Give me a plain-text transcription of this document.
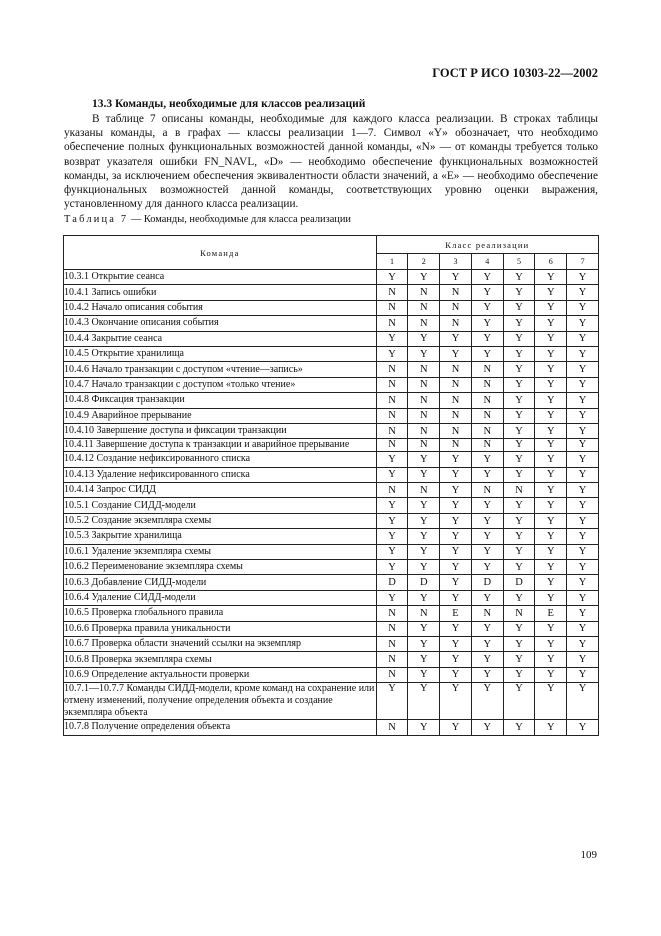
ГОСТ Р ИСО 10303-22—2002
13.3 Команды, необходимые для классов реализаций
В таблице 7 описаны команды, необходимые для каждого класса реализации. В строках таблицы указаны команды, а в графах — классы реализации 1—7. Символ «Y» обозначает, что необходимо обеспечение полных функциональных возможностей данной команды, «N» — от команды требуется только возврат указателя ошибки FN_NAVL, «D» — необходимо обеспечение функциональных возможностей команды, за исключением обеспечения эквивалентности области значений, а «E» — необходимо обеспечение функциональных возможностей данной команды, соответствующих уровню оценки выражения, установленному для данного класса реализации.
Таблица 7 — Команды, необходимые для класса реализации
Команда	Класс реализации						
	1	2	3	4	5	6	7
10.3.1 Открытие сеанса	Y	Y	Y	Y	Y	Y	Y
10.4.1 Запись ошибки	N	N	N	Y	Y	Y	Y
10.4.2 Начало описания события	N	N	N	Y	Y	Y	Y
10.4.3 Окончание описания события	N	N	N	Y	Y	Y	Y
10.4.4 Закрытие сеанса	Y	Y	Y	Y	Y	Y	Y
10.4.5 Открытие хранилища	Y	Y	Y	Y	Y	Y	Y
10.4.6 Начало транзакции с доступом «чтение—запись»	N	N	N	N	Y	Y	Y
10.4.7 Начало транзакции с доступом «только чтение»	N	N	N	N	Y	Y	Y
10.4.8 Фиксация транзакции	N	N	N	N	Y	Y	Y
10.4.9 Аварийное прерывание	N	N	N	N	Y	Y	Y
10.4.10 Завершение доступа и фиксации транзакции	N	N	N	N	Y	Y	Y
10.4.11 Завершение доступа к транзакции и аварийное прерывание	N	N	N	N	Y	Y	Y
10.4.12 Создание нефиксированного списка	Y	Y	Y	Y	Y	Y	Y
10.4.13 Удаление нефиксированного списка	Y	Y	Y	Y	Y	Y	Y
10.4.14 Запрос СИДД	N	N	Y	N	N	Y	Y
10.5.1 Создание СИДД-модели	Y	Y	Y	Y	Y	Y	Y
10.5.2 Создание экземпляра схемы	Y	Y	Y	Y	Y	Y	Y
10.5.3 Закрытие хранилища	Y	Y	Y	Y	Y	Y	Y
10.6.1 Удаление экземпляра схемы	Y	Y	Y	Y	Y	Y	Y
10.6.2 Переименование экземпляра схемы	Y	Y	Y	Y	Y	Y	Y
10.6.3 Добавление СИДД-модели	D	D	Y	D	D	Y	Y
10.6.4 Удаление СИДД-модели	Y	Y	Y	Y	Y	Y	Y
10.6.5 Проверка глобального правила	N	N	E	N	N	E	Y
10.6.6 Проверка правила уникальности	N	Y	Y	Y	Y	Y	Y
10.6.7 Проверка области значений ссылки на экземпляр	N	Y	Y	Y	Y	Y	Y
10.6.8 Проверка экземпляра схемы	N	Y	Y	Y	Y	Y	Y
10.6.9 Определение актуальности проверки	N	Y	Y	Y	Y	Y	Y
10.7.1—10.7.7 Команды СИДД-модели, кроме команд на сохранение или отмену изменений, получение определения объекта и создание экземпляра объекта	Y	Y	Y	Y	Y	Y	Y
10.7.8 Получение определения объекта	N	Y	Y	Y	Y	Y	Y
109
